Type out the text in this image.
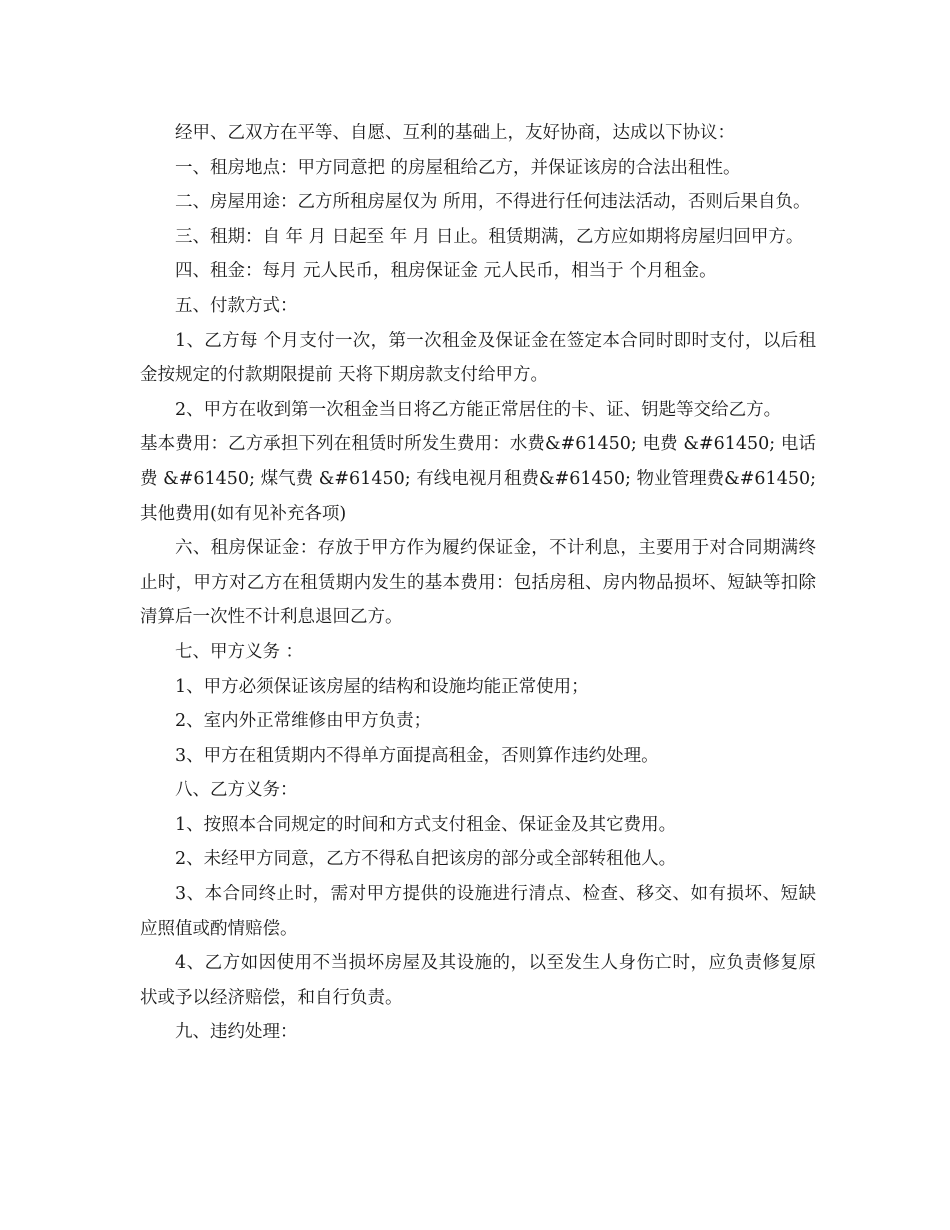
经甲、乙双方在平等、自愿、互利的基础上，友好协商，达成以下协议：

一、租房地点：甲方同意把 的房屋租给乙方，并保证该房的合法出租性。

二、房屋用途：乙方所租房屋仅为 所用，不得进行任何违法活动，否则后果自负。

三、租期：自 年 月 日起至 年 月 日止。租赁期满，乙方应如期将房屋归回甲方。

四、租金：每月 元人民币，租房保证金 元人民币，相当于 个月租金。

五、付款方式：

1、乙方每 个月支付一次，第一次租金及保证金在签定本合同时即时支付，以后租金按规定的付款期限提前 天将下期房款支付给甲方。

2、甲方在收到第一次租金当日将乙方能正常居住的卡、证、钥匙等交给乙方。

基本费用：乙方承担下列在租赁时所发生费用：水费&#61450; 电费 &#61450; 电话费 &#61450; 煤气费 &#61450; 有线电视月租费&#61450; 物业管理费&#61450; 其他费用(如有见补充各项)

六、租房保证金：存放于甲方作为履约保证金，不计利息，主要用于对合同期满终止时，甲方对乙方在租赁期内发生的基本费用：包括房租、房内物品损坏、短缺等扣除清算后一次性不计利息退回乙方。

七、甲方义务 ：

1、甲方必须保证该房屋的结构和设施均能正常使用；

2、室内外正常维修由甲方负责；

3、甲方在租赁期内不得单方面提高租金，否则算作违约处理。

八、乙方义务：

1、按照本合同规定的时间和方式支付租金、保证金及其它费用。

2、未经甲方同意，乙方不得私自把该房的部分或全部转租他人。

3、本合同终止时，需对甲方提供的设施进行清点、检查、移交、如有损坏、短缺应照值或酌情赔偿。

4、乙方如因使用不当损坏房屋及其设施的，以至发生人身伤亡时，应负责修复原状或予以经济赔偿，和自行负责。

九、违约处理：
